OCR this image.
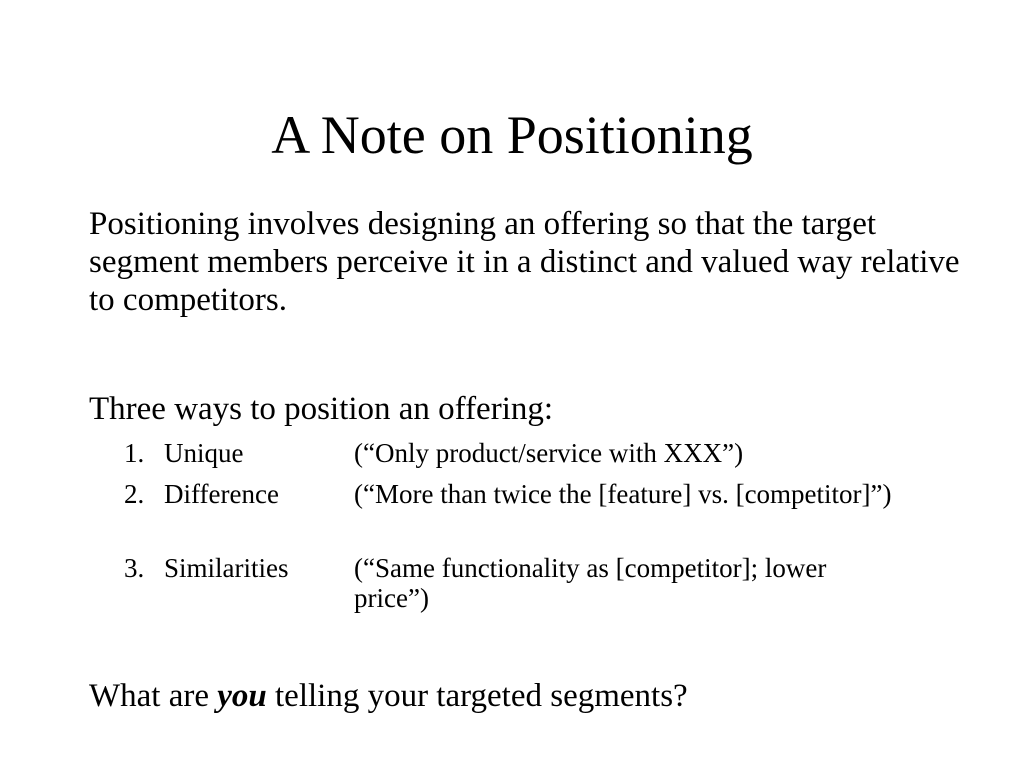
A Note on Positioning

Positioning involves designing an offering so that the target segment members perceive it in a distinct and valued way relative to competitors.

Three ways to position an offering:

1. Unique	(“Only product/service with XXX”)
2. Difference	(“More than twice the [feature] vs. [competitor]”)
3. Similarities	(“Same functionality as [competitor]; lower price”)

What are you telling your targeted segments?
